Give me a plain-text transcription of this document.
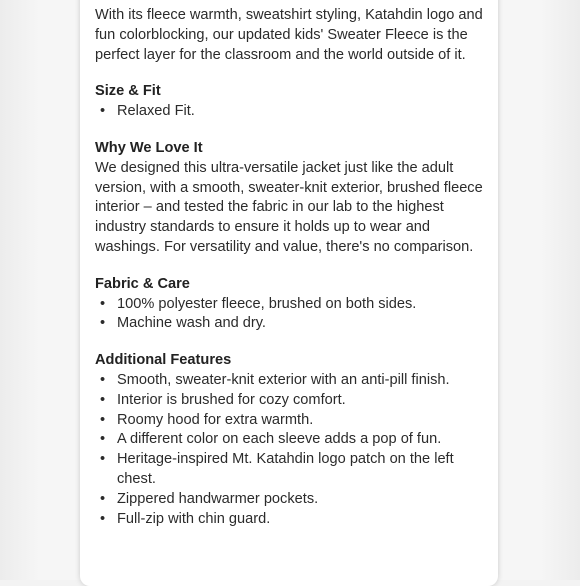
With its fleece warmth, sweatshirt styling, Katahdin logo and fun colorblocking, our updated kids' Sweater Fleece is the perfect layer for the classroom and the world outside of it.

Size & Fit

• Relaxed Fit.

Why We Love It

We designed this ultra-versatile jacket just like the adult version, with a smooth, sweater-knit exterior, brushed fleece interior – and tested the fabric in our lab to the highest industry standards to ensure it holds up to wear and washings. For versatility and value, there's no comparison.

Fabric & Care

• 100% polyester fleece, brushed on both sides.
• Machine wash and dry.

Additional Features

• Smooth, sweater-knit exterior with an anti-pill finish.
• Interior is brushed for cozy comfort.
• Roomy hood for extra warmth.
• A different color on each sleeve adds a pop of fun.
• Heritage-inspired Mt. Katahdin logo patch on the left chest.
• Zippered handwarmer pockets.
• Full-zip with chin guard.
